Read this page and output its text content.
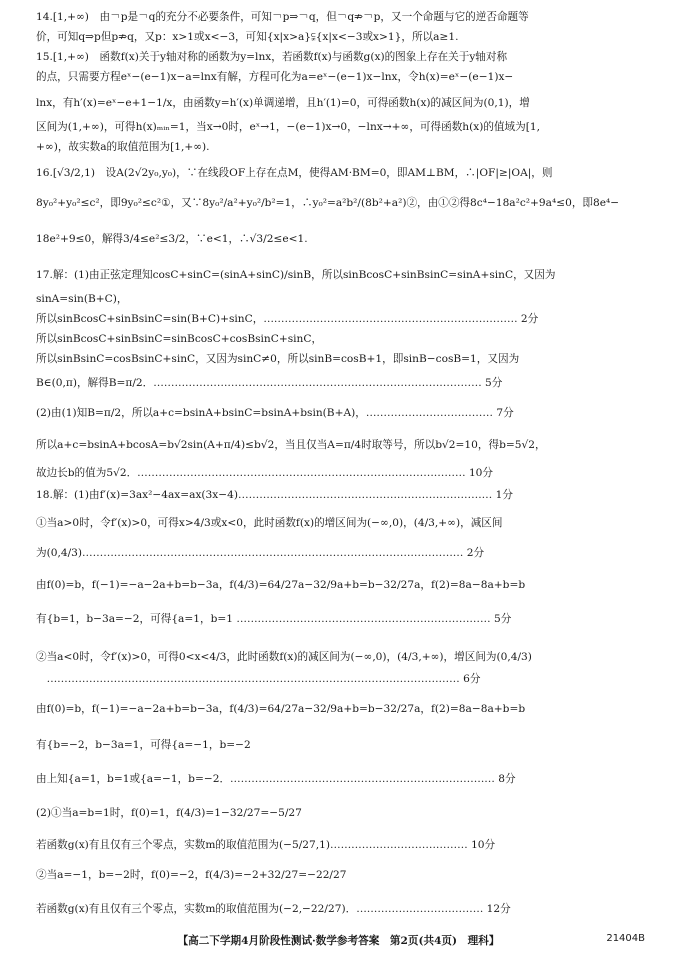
14.[1,+∞)　由￢p是￢q的充分不必要条件，可知￢p⇒￢q，但￢q⇏￢p，又一个命题与它的逆否命题等
价，可知q⇒p但p⇏q，又p：x>1或x<−3，可知{x|x>a}⫋{x|x<−3或x>1}，所以a≥1.
15.[1,+∞)　函数f(x)关于y轴对称的函数为y=lnx，若函数f(x)与函数g(x)的图象上存在关于y轴对称
的点，只需要方程eˣ−(e−1)x−a=lnx有解，方程可化为a=eˣ−(e−1)x−lnx，令h(x)=eˣ−(e−1)x−
lnx，有h′(x)=eˣ−e+1−1/x，由函数y=h′(x)单调递增，且h′(1)=0，可得函数h(x)的减区间为(0,1)，增
区间为(1,+∞)，可得h(x)ₘᵢₙ=1，当x→0时，eˣ→1，−(e−1)x→0，−lnx→+∞，可得函数h(x)的值域为[1,
+∞)，故实数a的取值范围为[1,+∞).
16.[√3/2,1)　设A(2√2y₀,y₀)，∵在线段OF上存在点M，使得AM·BM=0，即AM⊥BM，∴|OF|≥|OA|，则
8y₀²+y₀²≤c²，即9y₀²≤c²①，又∵8y₀²/a²+y₀²/b²=1，∴y₀²=a²b²/(8b²+a²)②，由①②得8c⁴−18a²c²+9a⁴≤0，即8e⁴−
18e²+9≤0，解得3/4≤e²≤3/2，∵e<1，∴√3/2≤e<1.
17.解：(1)由正弦定理知cosC+sinC=(sinA+sinC)/sinB，所以sinBcosC+sinBsinC=sinA+sinC，又因为
sinA=sin(B+C)，
所以sinBcosC+sinBsinC=sin(B+C)+sinC，……………………………………………………………… 2分
所以sinBcosC+sinBsinC=sinBcosC+cosBsinC+sinC，
所以sinBsinC=cosBsinC+sinC，又因为sinC≠0，所以sinB=cosB+1，即sinB−cosB=1，又因为
B∈(0,π)，解得B=π/2．………………………………………………………………………………… 5分
(2)由(1)知B=π/2，所以a+c=bsinA+bsinC=bsinA+bsin(B+A)，……………………………… 7分
所以a+c=bsinA+bcosA=b√2sin(A+π/4)≤b√2，当且仅当A=π/4时取等号，所以b√2=10，得b=5√2，
故边长b的值为5√2．………………………………………………………………………………… 10分
18.解：(1)由f′(x)=3ax²−4ax=ax(3x−4)……………………………………………………………… 1分
①当a>0时，令f′(x)>0，可得x>4/3或x<0，此时函数f(x)的增区间为(−∞,0)，(4/3,+∞)，减区间
为(0,4/3)……………………………………………………………………………………………… 2分
由f(0)=b，f(−1)=−a−2a+b=b−3a，f(4/3)=64/27a−32/9a+b=b−32/27a，f(2)=8a−8a+b=b
有{b=1，b−3a=−2，可得{a=1，b=1 ……………………………………………………………… 5分
②当a<0时，令f′(x)>0，可得0<x<4/3，此时函数f(x)的减区间为(−∞,0)，(4/3,+∞)，增区间为(0,4/3)
　……………………………………………………………………………………………………… 6分
由f(0)=b，f(−1)=−a−2a+b=b−3a，f(4/3)=64/27a−32/9a+b=b−32/27a，f(2)=8a−8a+b=b
有{b=−2，b−3a=1，可得{a=−1，b=−2
由上知{a=1，b=1或{a=−1，b=−2．………………………………………………………………… 8分
(2)①当a=b=1时，f(0)=1，f(4/3)=1−32/27=−5/27
若函数g(x)有且仅有三个零点，实数m的取值范围为(−5/27,1)………………………………… 10分
②当a=−1，b=−2时，f(0)=−2，f(4/3)=−2+32/27=−22/27
若函数g(x)有且仅有三个零点，实数m的取值范围为(−2,−22/27)．……………………………… 12分
【高二下学期4月阶段性测试·数学参考答案　第2页(共4页)　理科】	21404B
